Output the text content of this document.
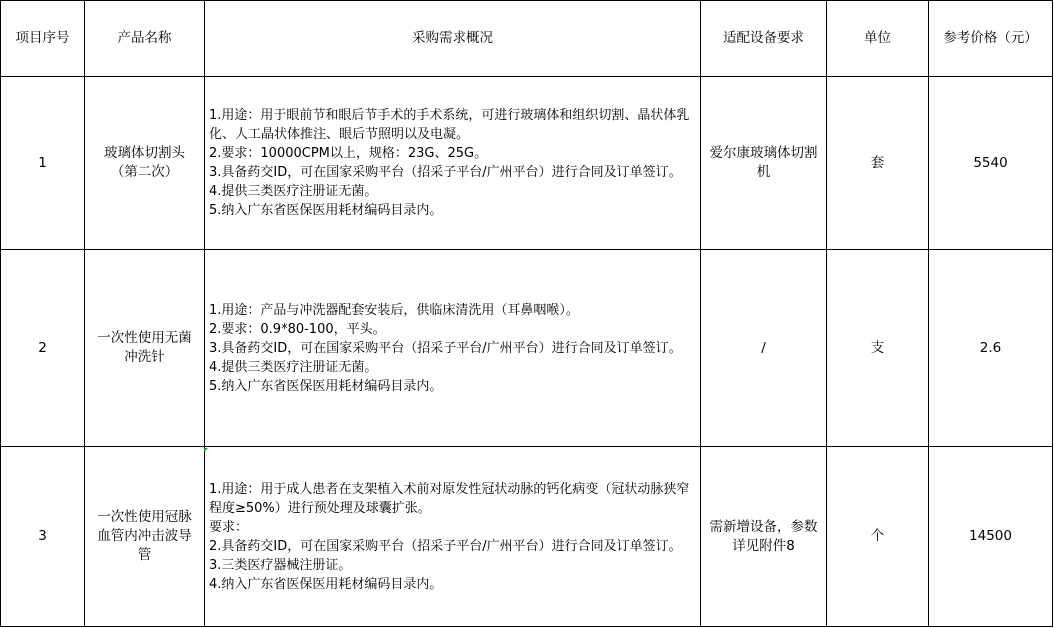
项目序号	产品名称	采购需求概况	适配设备要求	单位	参考价格（元）
1	玻璃体切割头（第二次）	1.用途：用于眼前节和眼后节手术的手术系统，可进行玻璃体和组织切割、晶状体乳化、人工晶状体推注、眼后节照明以及电凝。
2.要求：10000CPM以上，规格：23G、25G。
3.具备药交ID，可在国家采购平台（招采子平台/广州平台）进行合同及订单签订。
4.提供三类医疗注册证无菌。
5.纳入广东省医保医用耗材编码目录内。	爱尔康玻璃体切割机	套	5540
2	一次性使用无菌冲洗针	1.用途：产品与冲洗器配套安装后，供临床清洗用（耳鼻咽喉）。
2.要求：0.9*80-100，平头。
3.具备药交ID，可在国家采购平台（招采子平台/广州平台）进行合同及订单签订。
4.提供三类医疗注册证无菌。
5.纳入广东省医保医用耗材编码目录内。	/	支	2.6
3	一次性使用冠脉血管内冲击波导管	1.用途：用于成人患者在支架植入术前对原发性冠状动脉的钙化病变（冠状动脉狭窄程度≥50%）进行预处理及球囊扩张。
要求：
2.具备药交ID，可在国家采购平台（招采子平台/广州平台）进行合同及订单签订。
3.三类医疗器械注册证。
4.纳入广东省医保医用耗材编码目录内。	需新增设备，参数详见附件8	个	14500
